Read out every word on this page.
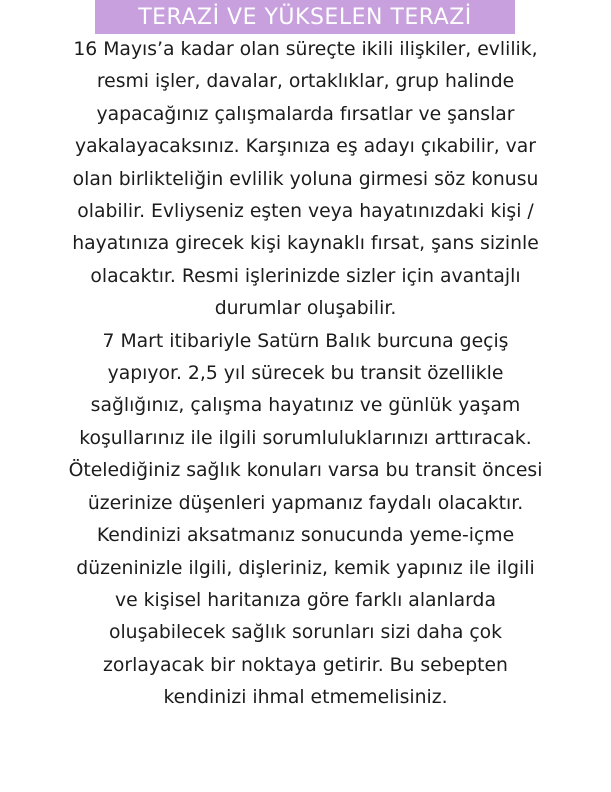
TERAZİ VE YÜKSELEN TERAZİ

16 Mayıs’a kadar olan süreçte ikili ilişkiler, evlilik,
resmi işler, davalar, ortaklıklar, grup halinde
yapacağınız çalışmalarda fırsatlar ve şanslar
yakalayacaksınız. Karşınıza eş adayı çıkabilir, var
olan birlikteliğin evlilik yoluna girmesi söz konusu
olabilir. Evliyseniz eşten veya hayatınızdaki kişi /
hayatınıza girecek kişi kaynaklı fırsat, şans sizinle
olacaktır. Resmi işlerinizde sizler için avantajlı
durumlar oluşabilir.

7 Mart itibariyle Satürn Balık burcuna geçiş
yapıyor. 2,5 yıl sürecek bu transit özellikle
sağlığınız, çalışma hayatınız ve günlük yaşam
koşullarınız ile ilgili sorumluluklarınızı arttıracak.
Ötelediğiniz sağlık konuları varsa bu transit öncesi
üzerinize düşenleri yapmanız faydalı olacaktır.
Kendinizi aksatmanız sonucunda yeme-içme
düzeninizle ilgili, dişleriniz, kemik yapınız ile ilgili
ve kişisel haritanıza göre farklı alanlarda
oluşabilecek sağlık sorunları sizi daha çok
zorlayacak bir noktaya getirir. Bu sebepten
kendinizi ihmal etmemelisiniz.
